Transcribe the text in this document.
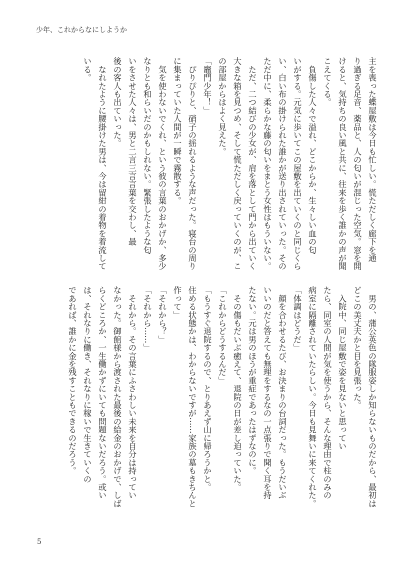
少年、これからなにしようか
主を喪った蝶屋敷は今日も忙しい。慌ただしく廊下を通
り過ぎる足音、薬品と、人の匂いが混じった空気。窓を開
けると、気持ちの良い風と共に、往来を歩く誰かの声が聞
こえてくる。
　負傷した人々で溢れ、どこからか、生々しい血の匂
いがする。元気に歩いてこの屋敷を出ていくのと同じくら
い、白い布の掛けられた誰かが送り出されていった。その
ただ中に、柔らかな藤の匂いをまとう女性はもういない。
　ただ、二つ結びの少女が、肩を落として門から出ていく
大きな箱を見つめ、そして慌ただしく戻っていくのが、こ
の部屋からはよく見えた。
「竈門少年！」
　ぴりぴりと、硝子の揺れるような声だった。寝台の周り
に集まっていた人間が一瞬で霧散する。
　気を使わないでくれ、という彼の言葉のおかげか、多少
なりとも和らいだのかもしれない。緊張したような匂
いをさせた人々は、男と二言三言言葉を交わし、最
後の客人も出ていった。
　なれたように腰掛けた男は、今は留紺の着物を着流して
いる。
　男の、蒲公英色の隊服姿しか知らないものだから、最初は
どこの美丈夫かと目を見張った。
　入院中、同じ屋敷で姿を見ないと思ってい
たら、同室の人間が気を使うから、そんな理由で柱のみの
病室に隔離されていたらしい。今日も見舞いに来てくれた。
「体調はどうだ」
　顔を合わせるたび、お決まりの台詞だった。もうだいぶ
いいのだと答えても無理をするなの一点張りで聞く耳を持
たない。元は男のほうが重症であったはずなのに。
　その傷もだいぶ癒えて、退院の日が差し迫っていた。
「これからどうするんだ」
「もうすぐ退院するので、とりあえず山に帰ろうかと。
住める状態かは、わからないですが……家族の墓もきちんと
作って」
「それから？」
「それから……」
　それから。その言葉にふさわしい未来を自分は持ってい
なかった。御館様から渡された最後の給金のおかげで、しば
らくどころか、一生働かずにいても問題ないだろう。或い
は、それなりに働き、それなりに稼いで生きていくの
であれば、誰かに金を残すこともできるのだろう。
5
